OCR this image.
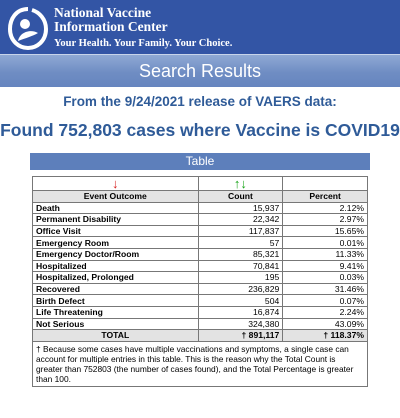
National Vaccine
Information Center
Your Health. Your Family. Your Choice.
Search Results
From the 9/24/2021 release of VAERS data:
Found 752,803 cases where Vaccine is COVID19
Table
↓	↑↓	
Event Outcome	Count	Percent
Death	15,937	2.12%
Permanent Disability	22,342	2.97%
Office Visit	117,837	15.65%
Emergency Room	57	0.01%
Emergency Doctor/Room	85,321	11.33%
Hospitalized	70,841	9.41%
Hospitalized, Prolonged	195	0.03%
Recovered	236,829	31.46%
Birth Defect	504	0.07%
Life Threatening	16,874	2.24%
Not Serious	324,380	43.09%
TOTAL	† 891,117	† 118.37%
† Because some cases have multiple vaccinations and symptoms, a single case can account for multiple entries in this table. This is the reason why the Total Count is greater than 752803 (the number of cases found), and the Total Percentage is greater than 100.		
